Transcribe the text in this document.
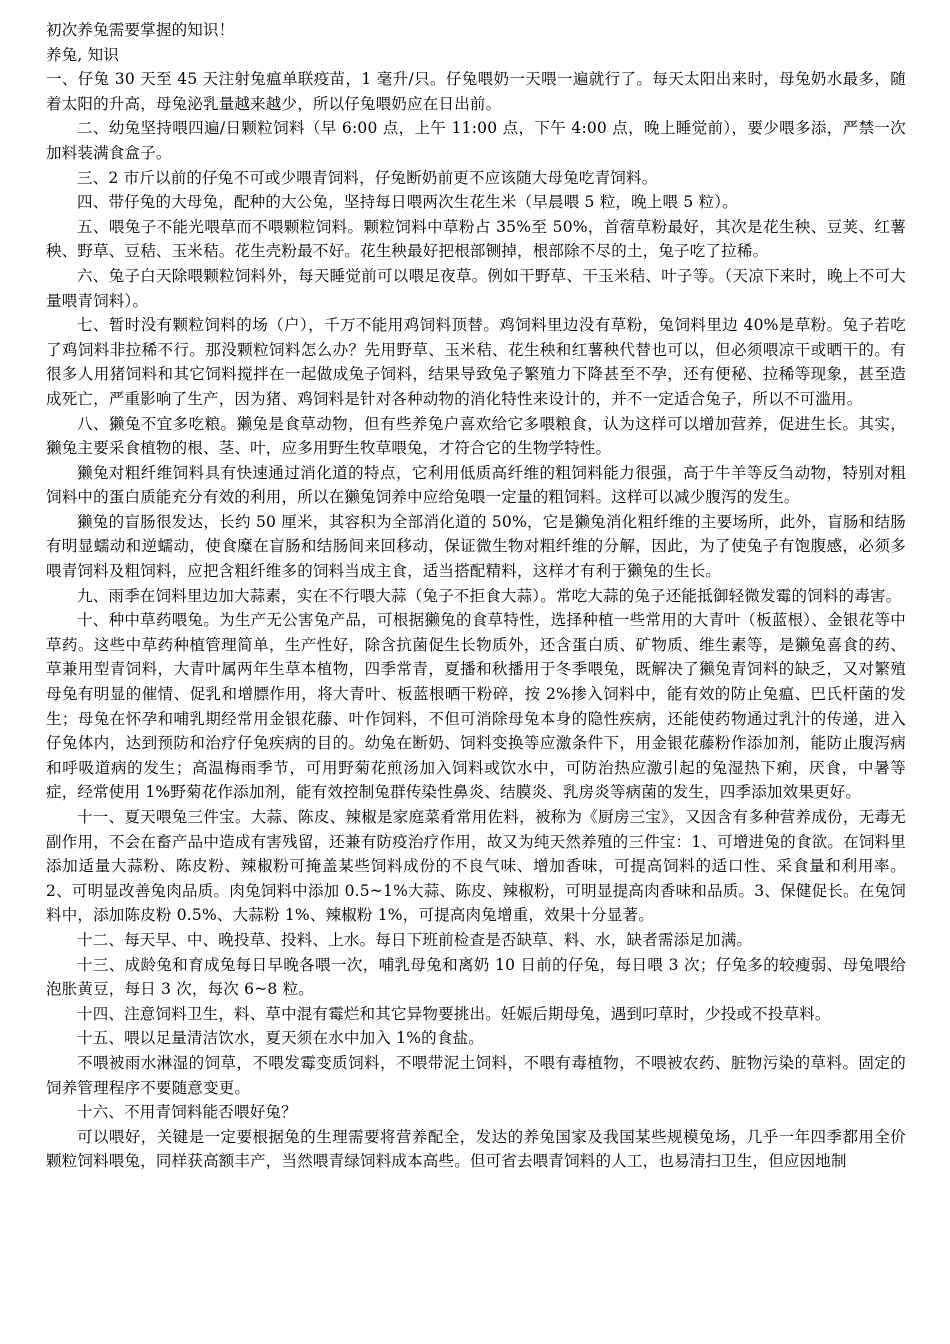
初次养兔需要掌握的知识！

养兔, 知识

一、仔兔 30 天至 45 天注射兔瘟单联疫苗，1 毫升/只。仔兔喂奶一天喂一遍就行了。每天太阳出来时，母兔奶水最多，随着太阳的升高，母兔泌乳量越来越少，所以仔兔喂奶应在日出前。

二、幼兔坚持喂四遍/日颗粒饲料（早 6:00 点，上午 11:00 点，下午 4:00 点，晚上睡觉前），要少喂多添，严禁一次加料装满食盒子。

三、2 市斤以前的仔兔不可或少喂青饲料，仔兔断奶前更不应该随大母兔吃青饲料。

四、带仔兔的大母兔，配种的大公兔，坚持每日喂两次生花生米（早晨喂 5 粒，晚上喂 5 粒）。

五、喂兔子不能光喂草而不喂颗粒饲料。颗粒饲料中草粉占 35%至 50%，首蓿草粉最好，其次是花生秧、豆荚、红薯秧、野草、豆秸、玉米秸。花生壳粉最不好。花生秧最好把根部铡掉，根部除不尽的土，兔子吃了拉稀。

六、兔子白天除喂颗粒饲料外，每天睡觉前可以喂足夜草。例如干野草、干玉米秸、叶子等。（天凉下来时，晚上不可大量喂青饲料）。

七、暂时没有颗粒饲料的场（户），千万不能用鸡饲料顶替。鸡饲料里边没有草粉，兔饲料里边 40%是草粉。兔子若吃了鸡饲料非拉稀不行。那没颗粒饲料怎么办？先用野草、玉米秸、花生秧和红薯秧代替也可以，但必须喂凉干或晒干的。有很多人用猪饲料和其它饲料搅拌在一起做成兔子饲料，结果导致兔子繁殖力下降甚至不孕，还有便秘、拉稀等现象，甚至造成死亡，严重影响了生产，因为猪、鸡饲料是针对各种动物的消化特性来设计的，并不一定适合兔子，所以不可滥用。

八、獭兔不宜多吃粮。獭兔是食草动物，但有些养兔户喜欢给它多喂粮食，认为这样可以增加营养，促进生长。其实，獭兔主要采食植物的根、茎、叶，应多用野生牧草喂兔，才符合它的生物学特性。

獭兔对粗纤维饲料具有快速通过消化道的特点，它利用低质高纤维的粗饲料能力很强，高于牛羊等反刍动物，特别对粗饲料中的蛋白质能充分有效的利用，所以在獭兔饲养中应给兔喂一定量的粗饲料。这样可以减少腹泻的发生。

獭兔的盲肠很发达，长约 50 厘米，其容积为全部消化道的 50%，它是獭兔消化粗纤维的主要场所，此外，盲肠和结肠有明显蠕动和逆蠕动，使食糜在盲肠和结肠间来回移动，保证微生物对粗纤维的分解，因此，为了使兔子有饱腹感，必须多喂青饲料及粗饲料，应把含粗纤维多的饲料当成主食，适当搭配精料，这样才有利于獭兔的生长。

九、雨季在饲料里边加大蒜素，实在不行喂大蒜（兔子不拒食大蒜）。常吃大蒜的兔子还能抵御轻微发霉的饲料的毒害。

十、种中草药喂兔。为生产无公害兔产品，可根据獭兔的食草特性，选择种植一些常用的大青叶（板蓝根）、金银花等中草药。这些中草药种植管理简单，生产性好，除含抗菌促生长物质外，还含蛋白质、矿物质、维生素等，是獭兔喜食的药、草兼用型青饲料，大青叶属两年生草本植物，四季常青，夏播和秋播用于冬季喂兔，既解决了獭兔青饲料的缺乏，又对繁殖母兔有明显的催情、促乳和增膘作用，将大青叶、板蓝根晒干粉碎，按 2%掺入饲料中，能有效的防止兔瘟、巴氏杆菌的发生；母兔在怀孕和哺乳期经常用金银花藤、叶作饲料，不但可消除母兔本身的隐性疾病，还能使药物通过乳汁的传递，进入仔兔体内，达到预防和治疗仔兔疾病的目的。幼兔在断奶、饲料变换等应激条件下，用金银花藤粉作添加剂，能防止腹泻病和呼吸道病的发生；高温梅雨季节，可用野菊花煎汤加入饲料或饮水中，可防治热应激引起的兔湿热下痢，厌食，中暑等症，经常使用 1%野菊花作添加剂，能有效控制兔群传染性鼻炎、结膜炎、乳房炎等病菌的发生，四季添加效果更好。

十一、夏天喂兔三件宝。大蒜、陈皮、辣椒是家庭菜肴常用佐料，被称为《厨房三宝》，又因含有多种营养成份，无毒无副作用，不会在畜产品中造成有害残留，还兼有防疫治疗作用，故又为纯天然养殖的三件宝：1、可增进兔的食欲。在饲料里添加适量大蒜粉、陈皮粉、辣椒粉可掩盖某些饲料成份的不良气味、增加香味，可提高饲料的适口性、采食量和利用率。 2、可明显改善兔肉品质。肉兔饲料中添加 0.5~1%大蒜、陈皮、辣椒粉，可明显提高肉香味和品质。3、保健促长。在兔饲料中，添加陈皮粉 0.5%、大蒜粉 1%、辣椒粉 1%，可提高肉兔增重，效果十分显著。

十二、每天早、中、晚投草、投料、上水。每日下班前检查是否缺草、料、水，缺者需添足加满。

十三、成龄兔和育成兔每日早晚各喂一次，哺乳母兔和离奶 10 日前的仔兔，每日喂 3 次；仔兔多的较瘦弱、母兔喂给泡胀黄豆，每日 3 次，每次 6~8 粒。

十四、注意饲料卫生，料、草中混有霉烂和其它异物要挑出。妊娠后期母兔，遇到叼草时，少投或不投草料。

十五、喂以足量清洁饮水，夏天须在水中加入 1%的食盐。

不喂被雨水淋湿的饲草，不喂发霉变质饲料，不喂带泥土饲料，不喂有毒植物，不喂被农药、脏物污染的草料。固定的饲养管理程序不要随意变更。

十六、不用青饲料能否喂好兔？

可以喂好，关键是一定要根据兔的生理需要将营养配全，发达的养兔国家及我国某些规模兔场，几乎一年四季都用全价颗粒饲料喂兔，同样获高额丰产，当然喂青绿饲料成本高些。但可省去喂青饲料的人工，也易清扫卫生，但应因地制
